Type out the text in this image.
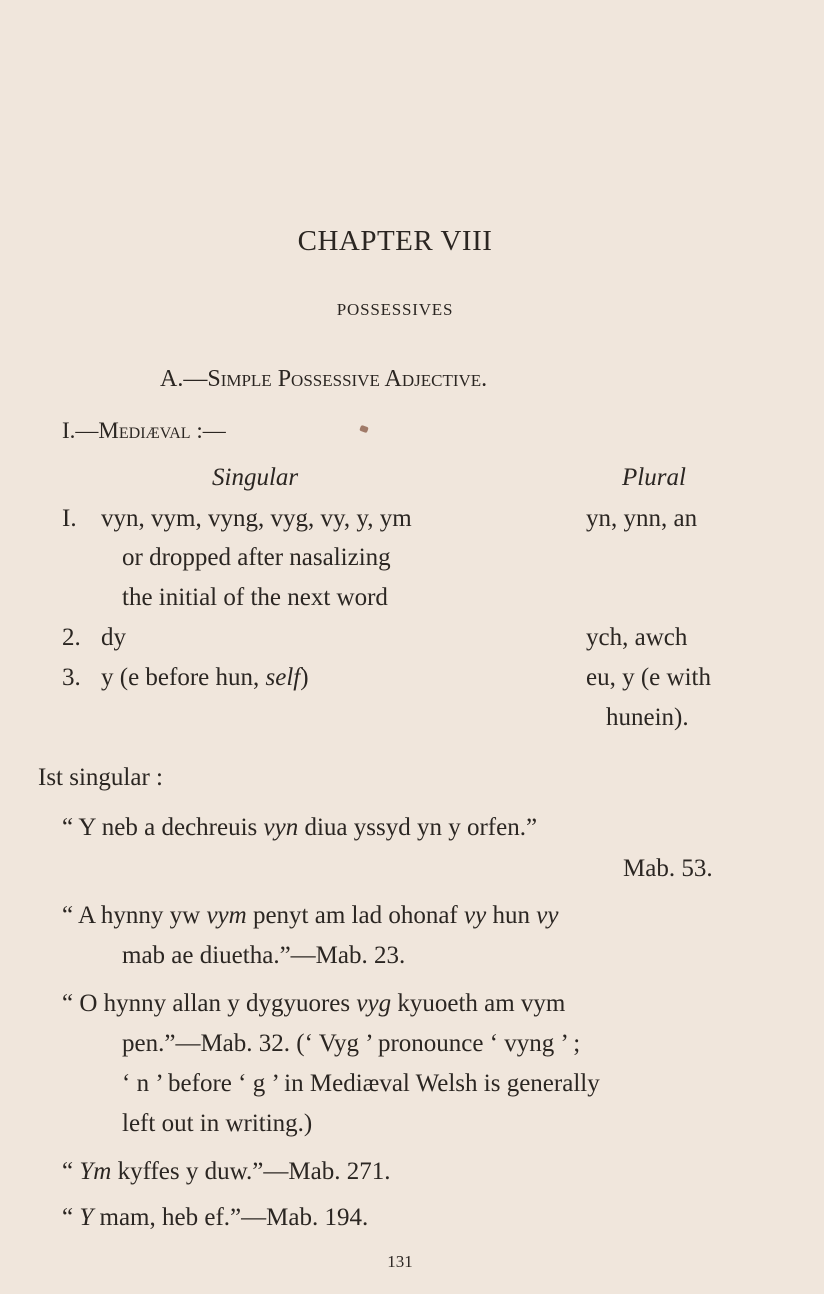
CHAPTER VIII
POSSESSIVES
A.—Simple Possessive Adjective.
I.—Mediæval :—
Singular	Plural
I. vyn, vym, vyng, vyg, vy, y, ym	yn, ynn, an
or dropped after nasalizing
the initial of the next word
2. dy	ych, awch
3. y (e before hun, self)	eu, y (e with
hunein).
Ist singular :
“ Y neb a dechreuis vyn diua yssyd yn y orfen.”
Mab. 53.
“ A hynny yw vym penyt am lad ohonaf vy hun vy
mab ae diuetha.”—Mab. 23.
“ O hynny allan y dygyuores vyg kyuoeth am vym
pen.”—Mab. 32. (‘ Vyg ’ pronounce ‘ vyng ’ ;
‘ n ’ before ‘ g ’ in Mediæval Welsh is generally
left out in writing.)
“ Ym kyffes y duw.”—Mab. 271.
“ Y mam, heb ef.”—Mab. 194.
131
